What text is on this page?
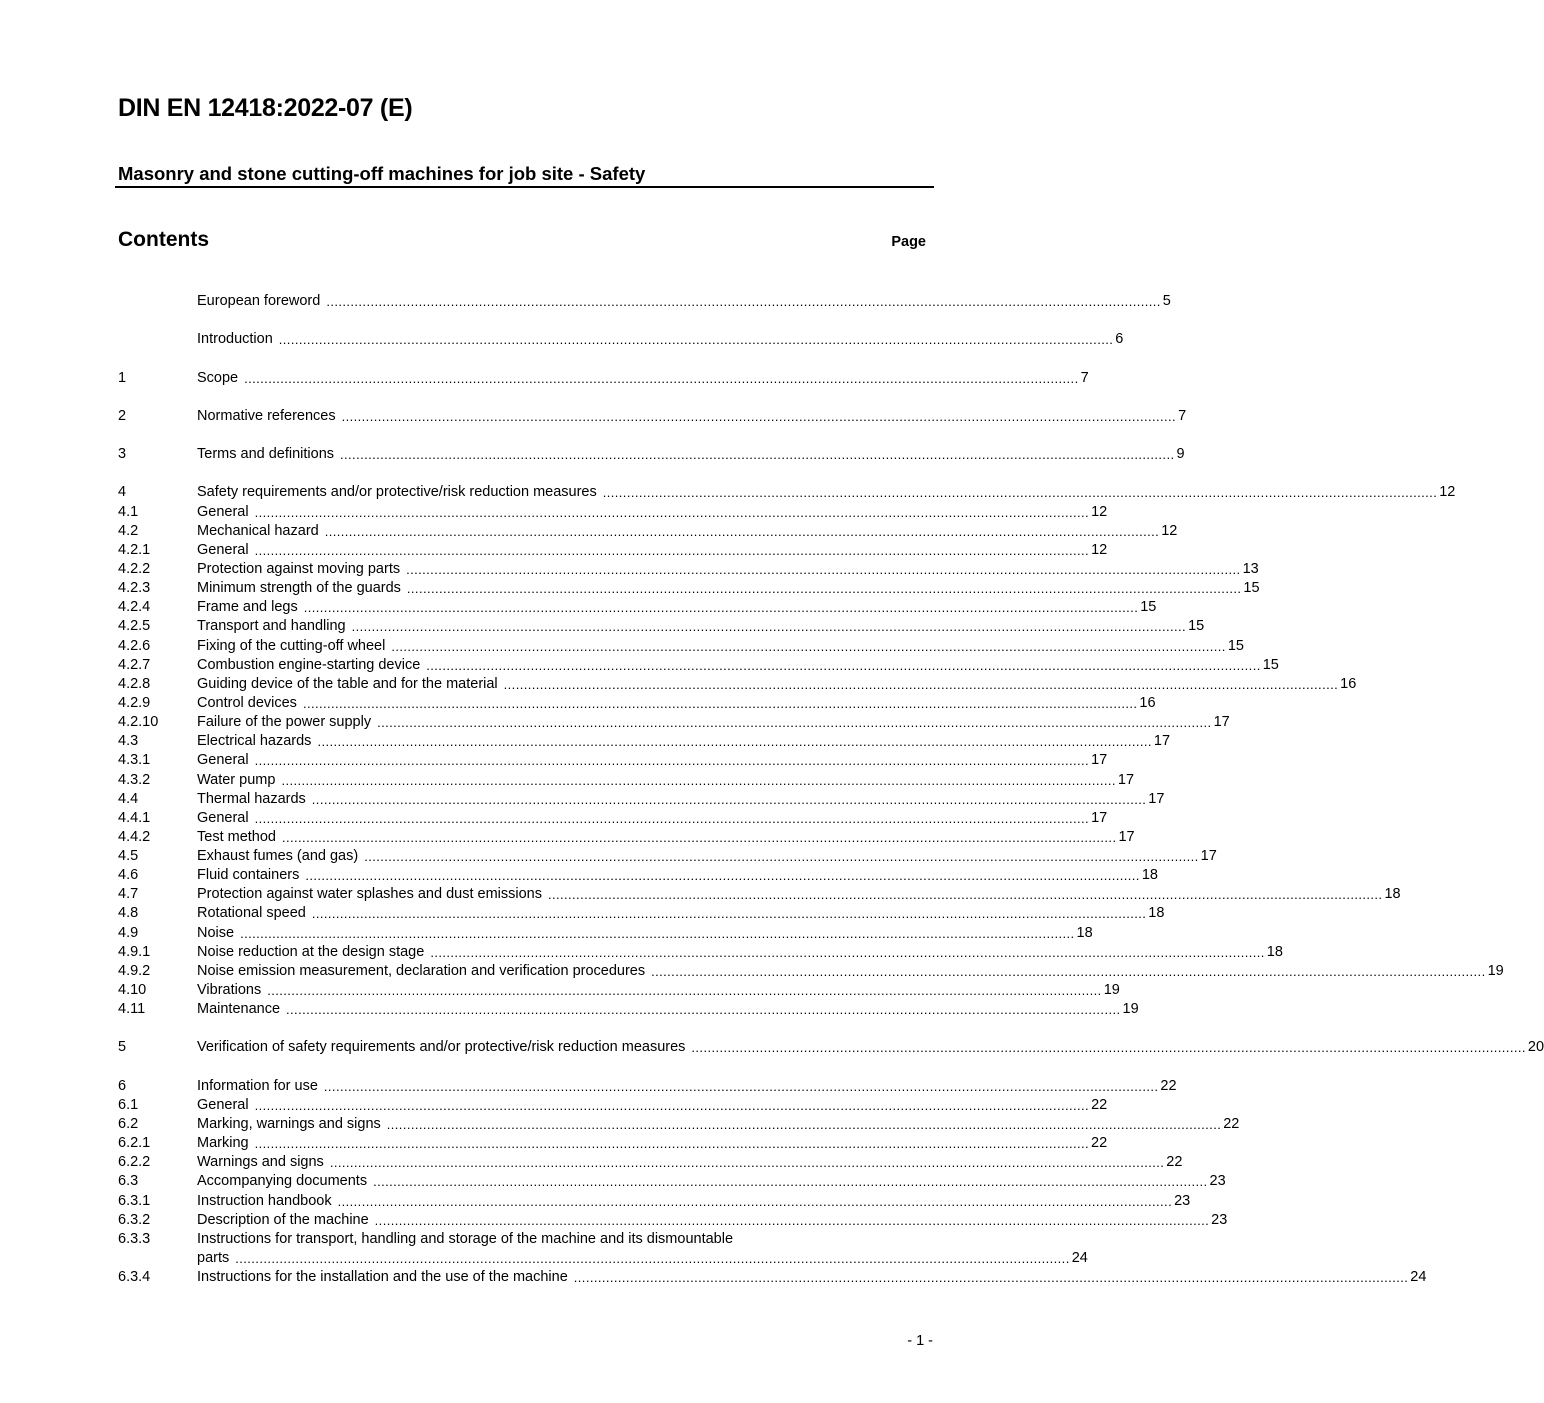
DIN EN 12418:2022-07 (E)
Masonry and stone cutting-off machines for job site - Safety
Contents	Page
European foreword .....	5
Introduction .....	6
1	Scope .....	7
2	Normative references .....	7
3	Terms and definitions .....	9
4	Safety requirements and/or protective/risk reduction measures .....	12
4.1	General .....	12
4.2	Mechanical hazard .....	12
4.2.1	General .....	12
4.2.2	Protection against moving parts .....	13
4.2.3	Minimum strength of the guards .....	15
4.2.4	Frame and legs .....	15
4.2.5	Transport and handling .....	15
4.2.6	Fixing of the cutting-off wheel .....	15
4.2.7	Combustion engine-starting device .....	15
4.2.8	Guiding device of the table and for the material .....	16
4.2.9	Control devices .....	16
4.2.10	Failure of the power supply .....	17
4.3	Electrical hazards .....	17
4.3.1	General .....	17
4.3.2	Water pump .....	17
4.4	Thermal hazards .....	17
4.4.1	General .....	17
4.4.2	Test method .....	17
4.5	Exhaust fumes (and gas) .....	17
4.6	Fluid containers .....	18
4.7	Protection against water splashes and dust emissions .....	18
4.8	Rotational speed .....	18
4.9	Noise .....	18
4.9.1	Noise reduction at the design stage .....	18
4.9.2	Noise emission measurement, declaration and verification procedures .....	19
4.10	Vibrations .....	19
4.11	Maintenance .....	19
5	Verification of safety requirements and/or protective/risk reduction measures .....	20
6	Information for use .....	22
6.1	General .....	22
6.2	Marking, warnings and signs .....	22
6.2.1	Marking .....	22
6.2.2	Warnings and signs .....	22
6.3	Accompanying documents .....	23
6.3.1	Instruction handbook .....	23
6.3.2	Description of the machine .....	23
6.3.3	Instructions for transport, handling and storage of the machine and its dismountable
parts .....	24
6.3.4	Instructions for the installation and the use of the machine .....	24
- 1 -
